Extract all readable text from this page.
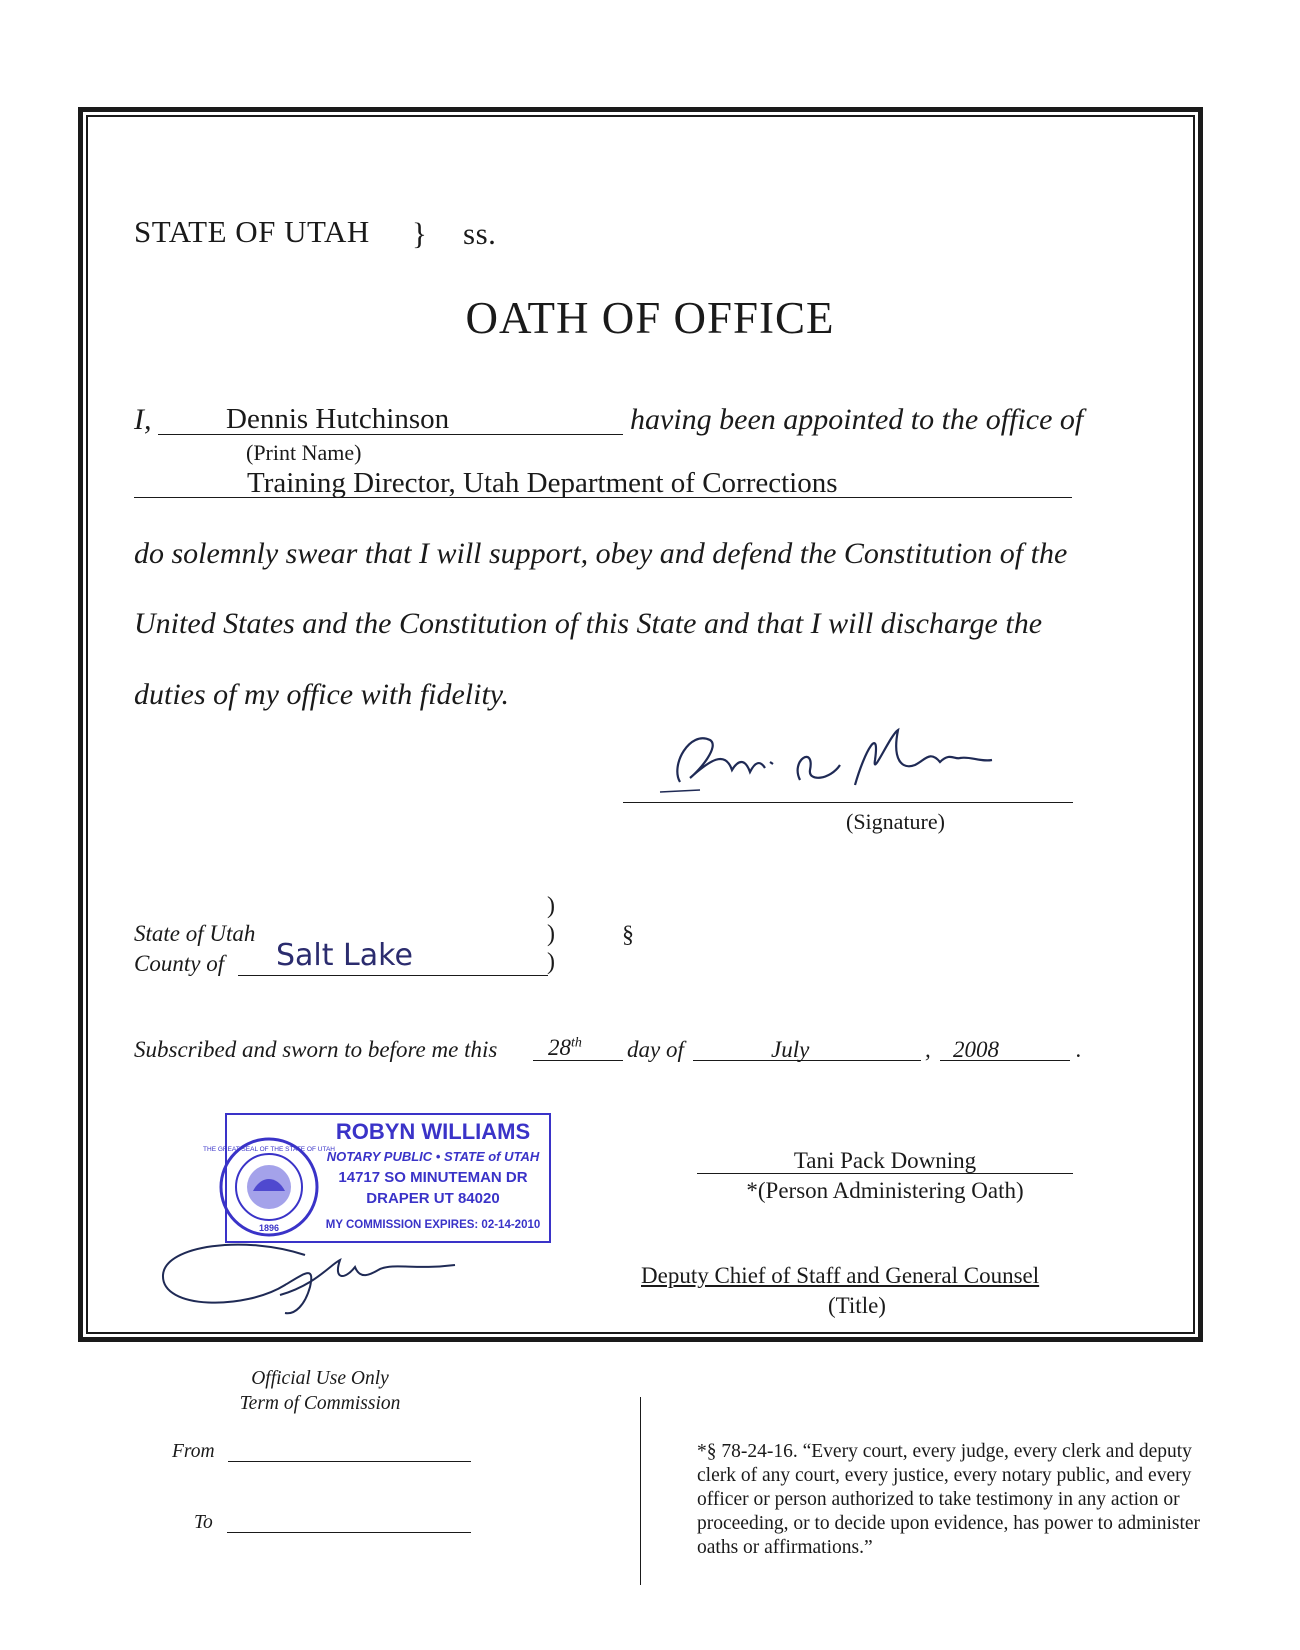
STATE OF UTAH } ss.
OATH OF OFFICE
I,	Dennis Hutchinson	having been appointed to the office of
(Print Name)
Training Director, Utah Department of Corrections
do solemnly swear that I will support, obey and defend the Constitution of the
United States and the Constitution of this State and that I will discharge the
duties of my office with fidelity.
(Signature)
)
)
)
State of Utah
County of Salt Lake
§
Subscribed and sworn to before me this 28th day of	July	, 2008	.
1896
THE GREAT SEAL OF THE STATE OF UTAH
ROBYN WILLIAMS
NOTARY PUBLIC • STATE of UTAH
14717 SO MINUTEMAN DR
DRAPER UT 84020
MY COMMISSION EXPIRES: 02-14-2010
Tani Pack Downing
*(Person Administering Oath)
Deputy Chief of Staff and General Counsel
(Title)
Official Use Only
Term of Commission
From
To
*§ 78-24-16. “Every court, every judge, every clerk and deputy clerk of any court, every justice, every notary public, and every officer or person authorized to take testimony in any action or proceeding, or to decide upon evidence, has power to administer oaths or affirmations.”
